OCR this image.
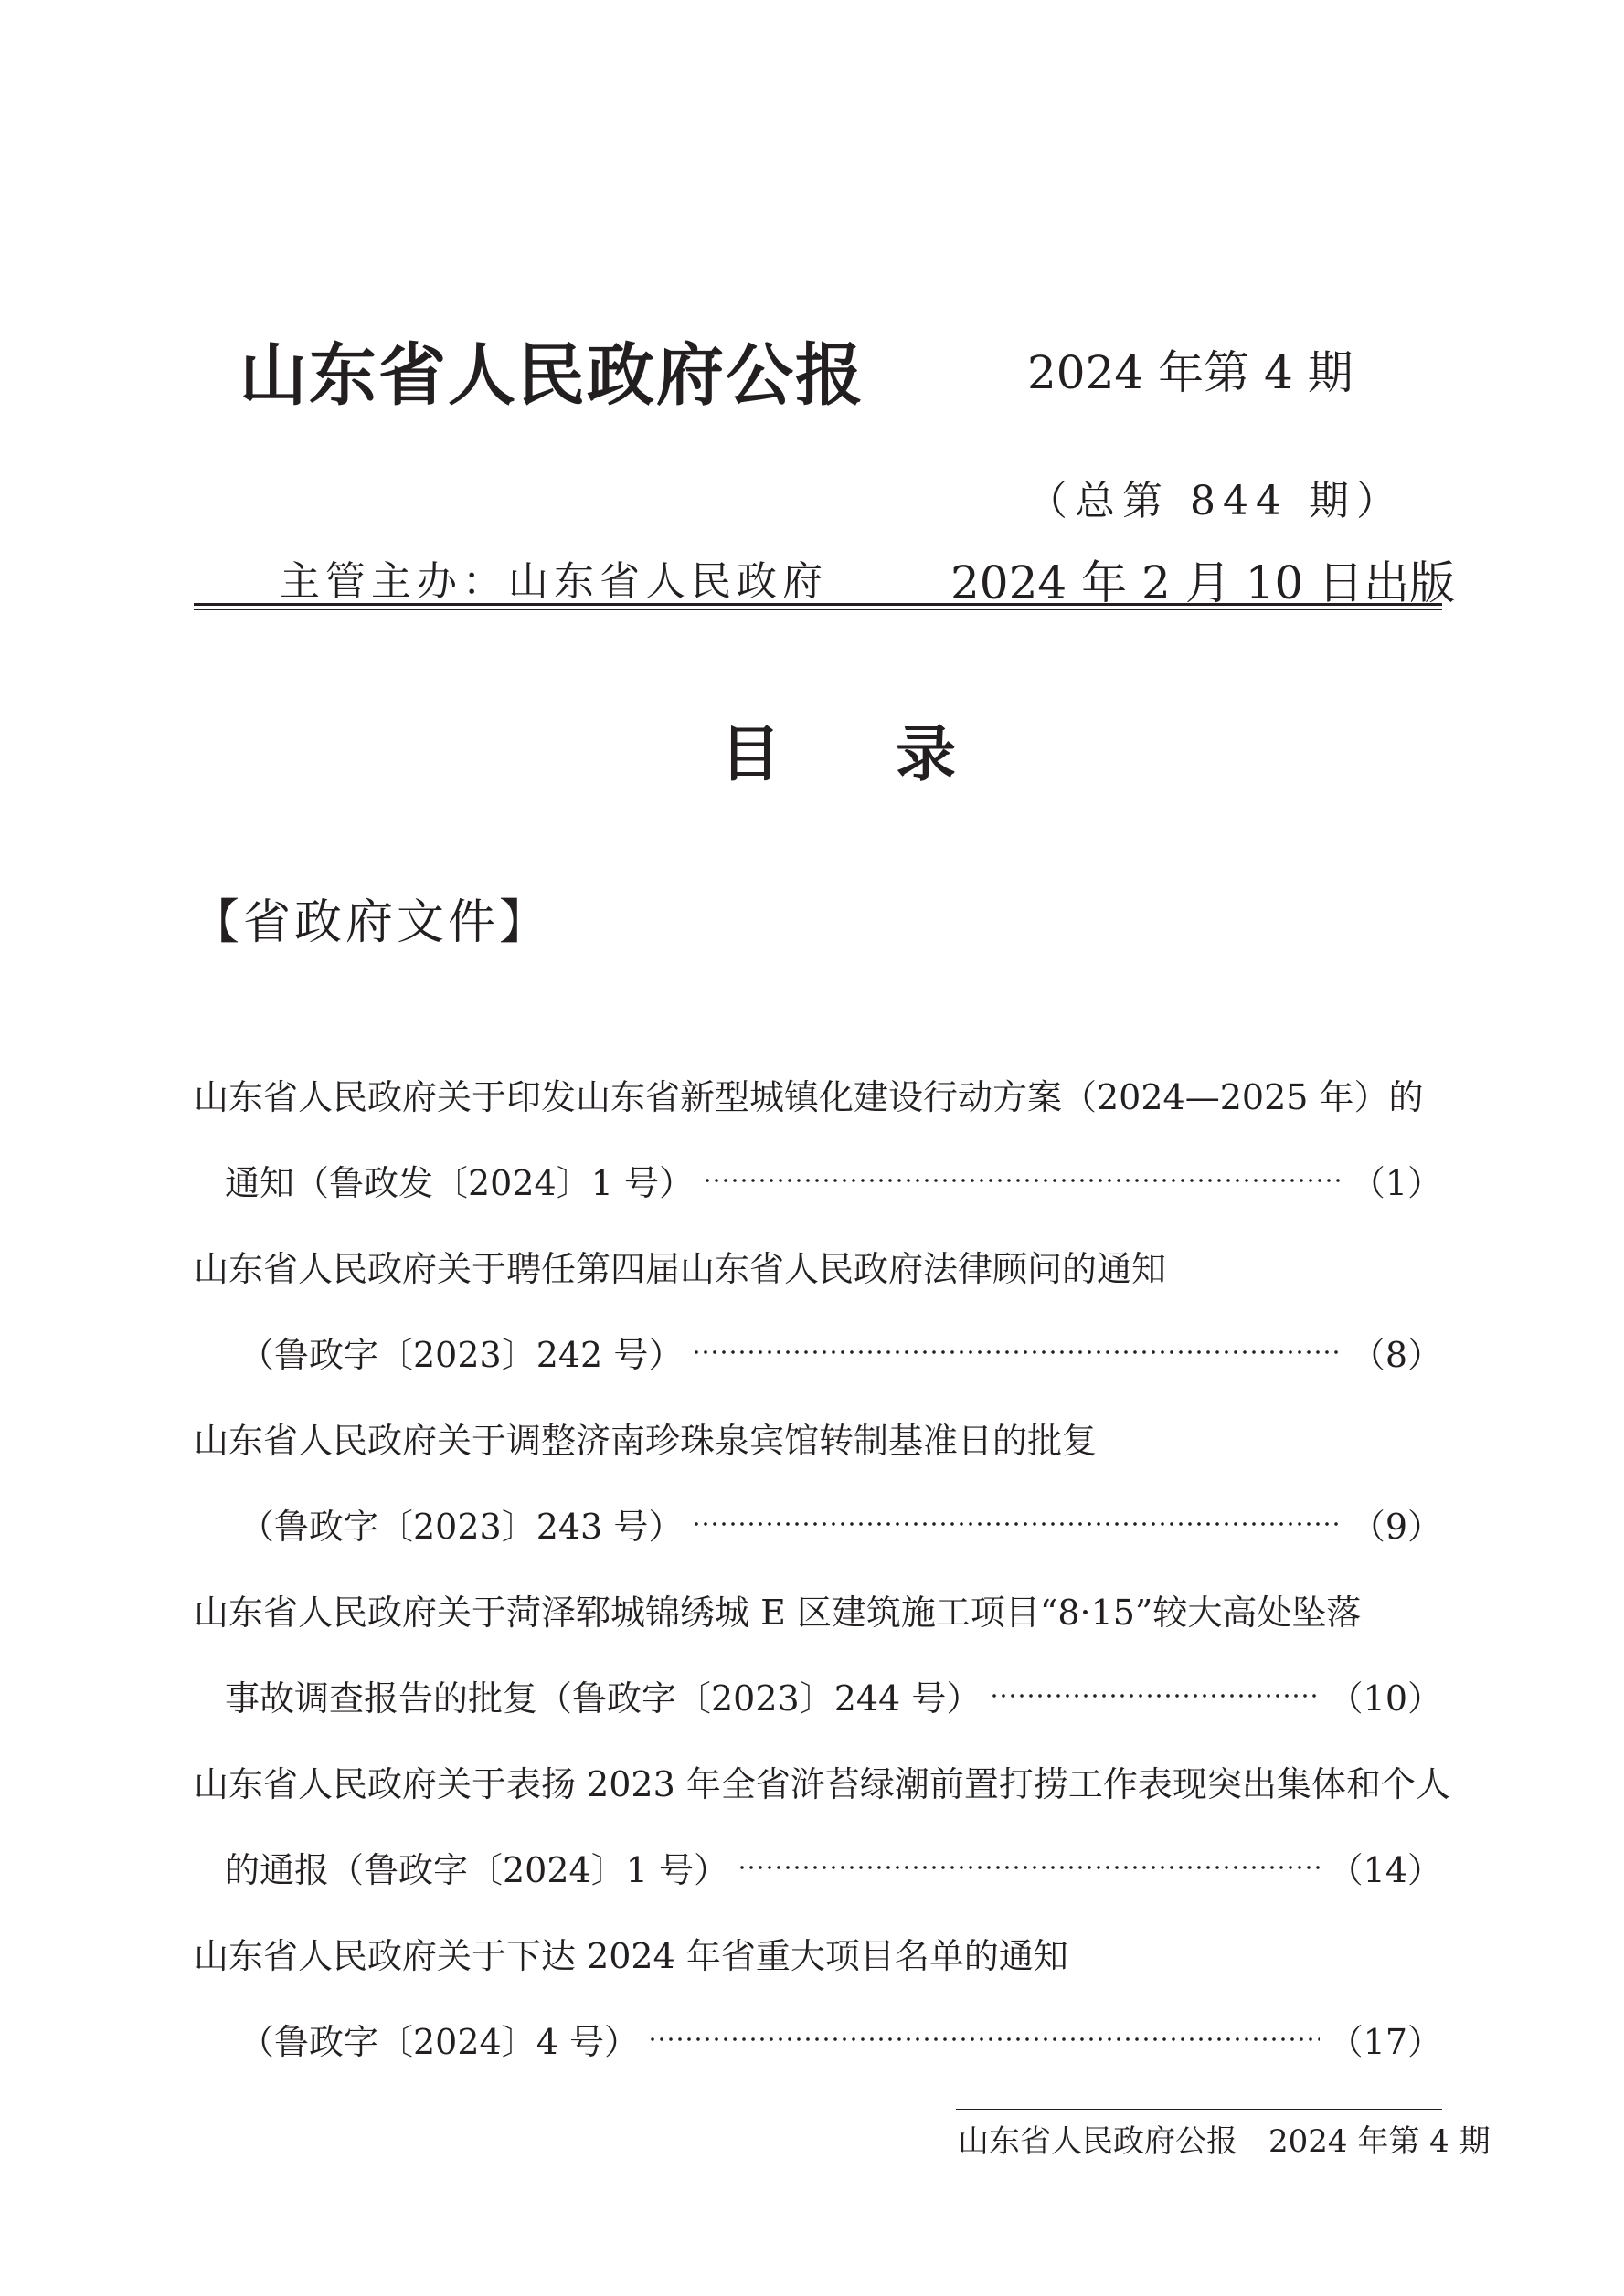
山东省人民政府公报	2024 年第 4 期
（总第 844 期）
主管主办：山东省人民政府	2024 年 2 月 10 日出版
目录
【省政府文件】
山东省人民政府关于印发山东省新型城镇化建设行动方案（2024—2025 年）的
通知（鲁政发〔2024〕1 号）	（1）
山东省人民政府关于聘任第四届山东省人民政府法律顾问的通知
（鲁政字〔2023〕242 号）	（8）
山东省人民政府关于调整济南珍珠泉宾馆转制基准日的批复
（鲁政字〔2023〕243 号）	（9）
山东省人民政府关于菏泽郓城锦绣城 E 区建筑施工项目“8·15”较大高处坠落
事故调查报告的批复（鲁政字〔2023〕244 号）	（10）
山东省人民政府关于表扬 2023 年全省浒苔绿潮前置打捞工作表现突出集体和个人
的通报（鲁政字〔2024〕1 号）	（14）
山东省人民政府关于下达 2024 年省重大项目名单的通知
（鲁政字〔2024〕4 号）	（17）
山东省人民政府公报　2024 年第 4 期
